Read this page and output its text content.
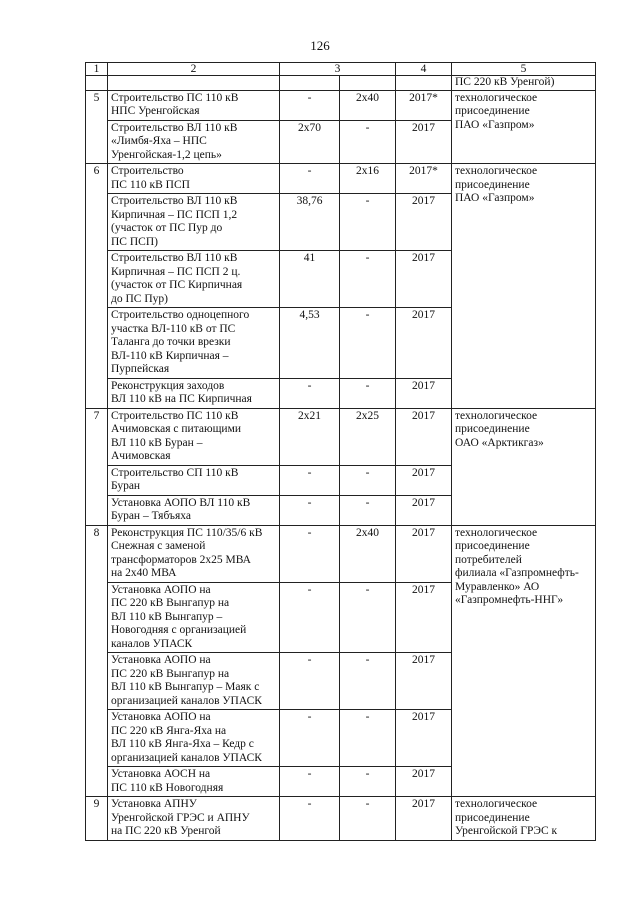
126
1	2	3		4	5
					ПС 220 кВ Уренгой)
5	Строительство ПС 110 кВ
НПС Уренгойская	-	2х40	2017*	технологическое
присоединение
ПАО «Газпром»
	Строительство ВЛ 110 кВ
«Лимбя-Яха – НПС
Уренгойская-1,2 цепь»	2х70	-	2017	
6	Строительство
ПС 110 кВ ПСП	-	2х16	2017*	технологическое
присоединение
ПАО «Газпром»
	Строительство ВЛ 110 кВ
Кирпичная – ПС ПСП 1,2
(участок от ПС Пур до
ПС ПСП)	38,76	-	2017	
	Строительство ВЛ 110 кВ
Кирпичная – ПС ПСП 2 ц.
(участок от ПС Кирпичная
до ПС Пур)	41	-	2017	
	Строительство одноцепного
участка ВЛ-110 кВ от ПС
Таланга до точки врезки
ВЛ-110 кВ Кирпичная –
Пурпейская	4,53	-	2017	
	Реконструкция заходов
ВЛ 110 кВ на ПС Кирпичная	-	-	2017	
7	Строительство ПС 110 кВ
Ачимовская с питающими
ВЛ 110 кВ Буран –
Ачимовская	2х21	2х25	2017	технологическое
присоединение
ОАО «Арктикгаз»
	Строительство СП 110 кВ
Буран	-	-	2017	
	Установка АОПО ВЛ 110 кВ
Буран – Тябъяха	-	-	2017	
8	Реконструкция ПС 110/35/6 кВ
Снежная с заменой
трансформаторов 2х25 МВА
на 2х40 МВА	-	2х40	2017	технологическое
присоединение потребителей
филиала «Газпромнефть-
Муравленко» АО
«Газпромнефть-ННГ»
	Установка АОПО на
ПС 220 кВ Вынгапур на
ВЛ 110 кВ Вынгапур –
Новогодняя с организацией
каналов УПАСК	-	-	2017	
	Установка АОПО на
ПС 220 кВ Вынгапур на
ВЛ 110 кВ Вынгапур – Маяк с
организацией каналов УПАСК	-	-	2017	
	Установка АОПО на
ПС 220 кВ Янга-Яха на
ВЛ 110 кВ Янга-Яха – Кедр с
организацией каналов УПАСК	-	-	2017	
	Установка АОСН на
ПС 110 кВ Новогодняя	-	-	2017	
9	Установка АПНУ
Уренгойской ГРЭС и АПНУ
на ПС 220 кВ Уренгой	-	-	2017	технологическое
присоединение
Уренгойской ГРЭС к
